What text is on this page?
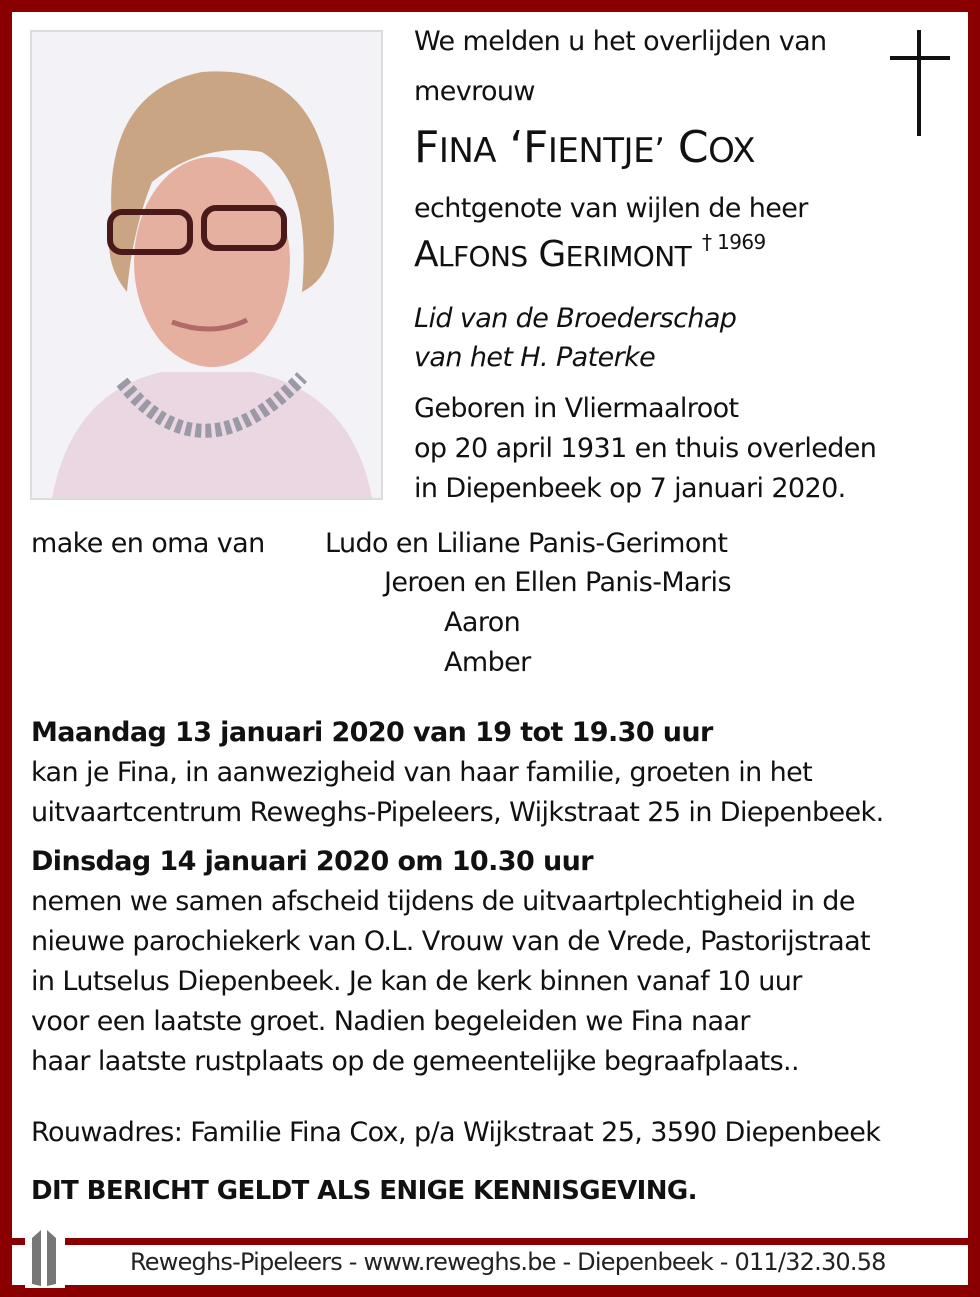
We melden u het overlijden van
mevrouw
FINA ‘FIENTJE’ COX
echtgenote van wijlen de heer
ALFONS GERIMONT $^{\dagger 1969}$
Lid van de Broederschap
van het H. Paterke
Geboren in Vliermaalroot
op 20 april 1931 en thuis overleden
in Diepenbeek op 7 januari 2020.
make en oma van Ludo en Liliane Panis-Gerimont
Jeroen en Ellen Panis-Maris
Aaron
Amber
Maandag 13 januari 2020 van 19 tot 19.30 uur
kan je Fina, in aanwezigheid van haar familie, groeten in het
uitvaartcentrum Reweghs-Pipeleers, Wijkstraat 25 in Diepenbeek.
Dinsdag 14 januari 2020 om 10.30 uur
nemen we samen afscheid tijdens de uitvaartplechtigheid in de
nieuwe parochiekerk van O.L. Vrouw van de Vrede, Pastorijstraat
in Lutselus Diepenbeek. Je kan de kerk binnen vanaf 10 uur
voor een laatste groet. Nadien begeleiden we Fina naar
haar laatste rustplaats op de gemeentelijke begraafplaats..
Rouwadres: Familie Fina Cox, p/a Wijkstraat 25, 3590 Diepenbeek
DIT BERICHT GELDT ALS ENIGE KENNISGEVING.
Reweghs-Pipeleers - www.reweghs.be - Diepenbeek - 011/32.30.58
